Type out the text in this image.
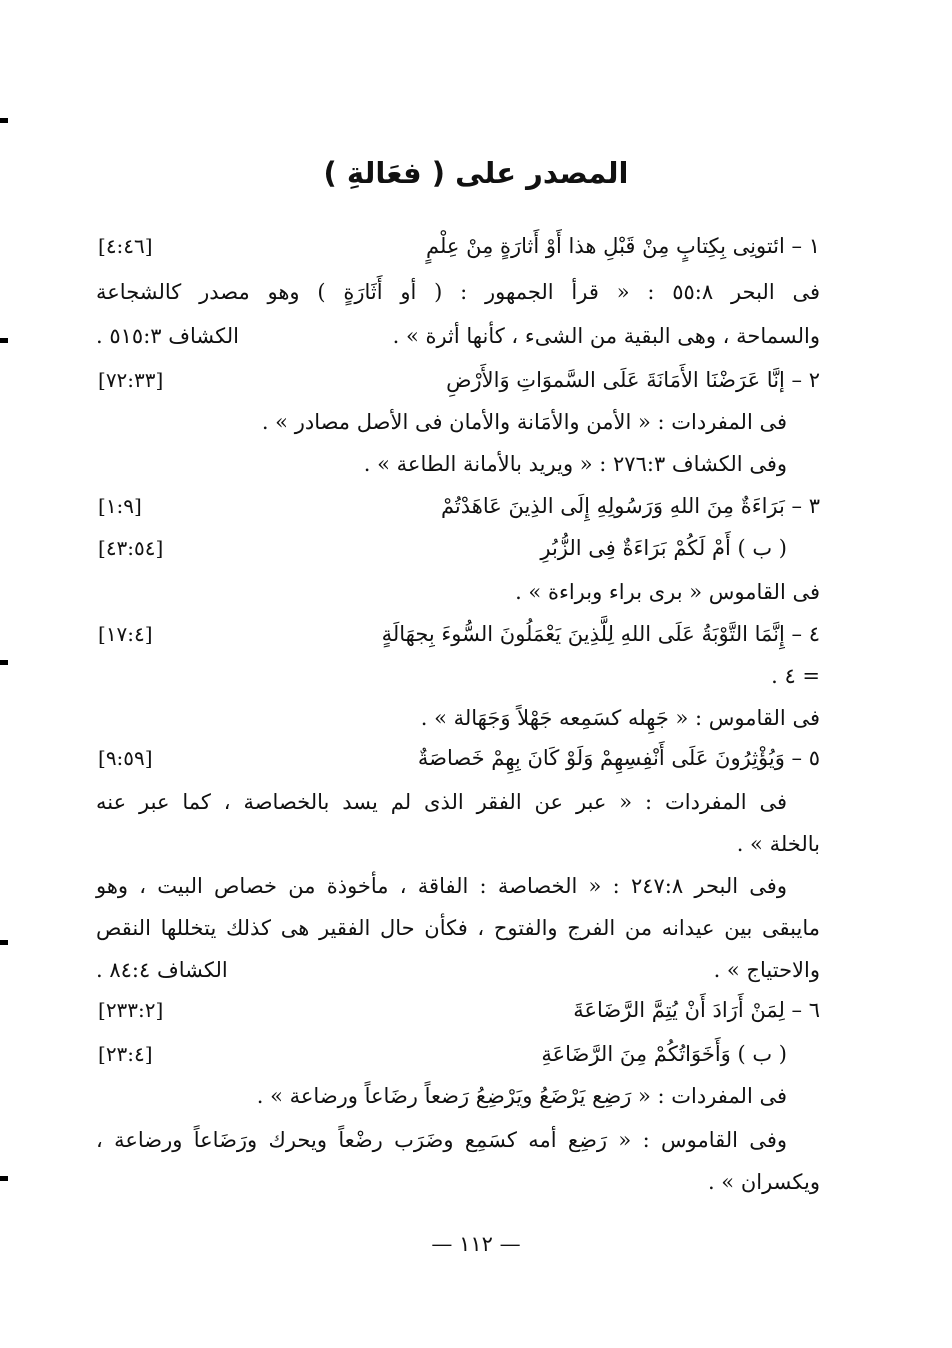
المصدر على ( فعَالةِ )
١ – ائتونِى بِكِتابٍ مِنْ قَبْلِ هذا أَوْ أَثارَةٍ مِنْ عِلْمٍ
[٤:٤٦]
فى البحر ٥٥:٨ : « قرأ الجمهور : ( أو أَثَارَةٍ ) وهو مصدر كالشجاعة
والسماحة ، وهى البقية من الشىء ، كأنها أثرة » .
الكشاف ٥١٥:٣ .
٢ – إنَّا عَرَضْنَا الأَمَانَةَ عَلَى السَّموَاتِ وَالأَرْضِ
[٧٢:٣٣]
فى المفردات : « الأمن والأمَانة والأمان فى الأصل مصادر » .
وفى الكشاف ٢٧٦:٣ : « ويريد بالأمانة الطاعة » .
٣ – بَرَاءَةٌ مِنَ اللهِ وَرَسُولِهِ إِلَى الذِينَ عَاهَدْتُمْ
[١:٩]
( ب ) أَمْ لَكُمْ بَرَاءَةٌ فِى الزُّبُرِ
[٤٣:٥٤]
فى القاموس « برى براء وبراءة » .
٤ – إِنَّمَا التَّوْبَةُ عَلَى اللهِ لِلَّذِينَ يَعْمَلُونَ السُّوءَ بِجهَالَةٍ
[١٧:٤]
= ٤ .
فى القاموس : « جَهِله كسَمِعه جَهْلاً وَجَهَالة » .
٥ – وَيُؤْثِرُونَ عَلَى أَنْفِسِهِمْ وَلَوْ كَانَ بِهِمْ خَصاصَةٌ
[٩:٥٩]
فى المفردات : « عبر عن الفقر الذى لم يسد بالخصاصة ، كما عبر عنه
بالخلة » .
وفى البحر ٢٤٧:٨ : « الخصاصة : الفاقة ، مأخوذة من خصاص البيت ، وهو
مايبقى بين عيدانه من الفرج والفتوح ، فكأن حال الفقير هى كذلك يتخللها النقص
والاحتياج » .
الكشاف ٨٤:٤ .
٦ – لِمَنْ أَرَادَ أَنْ يُتِمَّ الرَّضَاعَةَ
[٢٣٣:٢]
( ب ) وَأَخَوَاتُكُمْ مِنَ الرَّضَاعَةِ
[٢٣:٤]
فى المفردات : « رَضِع يَرْضَعُ ويَرْضِعُ رَضعاً رضَاعاً ورضاعة » .
وفى القاموس : « رَضِع أمه كسَمِع وضَرَب رضْعاً ويحرك ورَضَاعاً ورضاعة ،
ويكسران » .
— ١١٢ —
